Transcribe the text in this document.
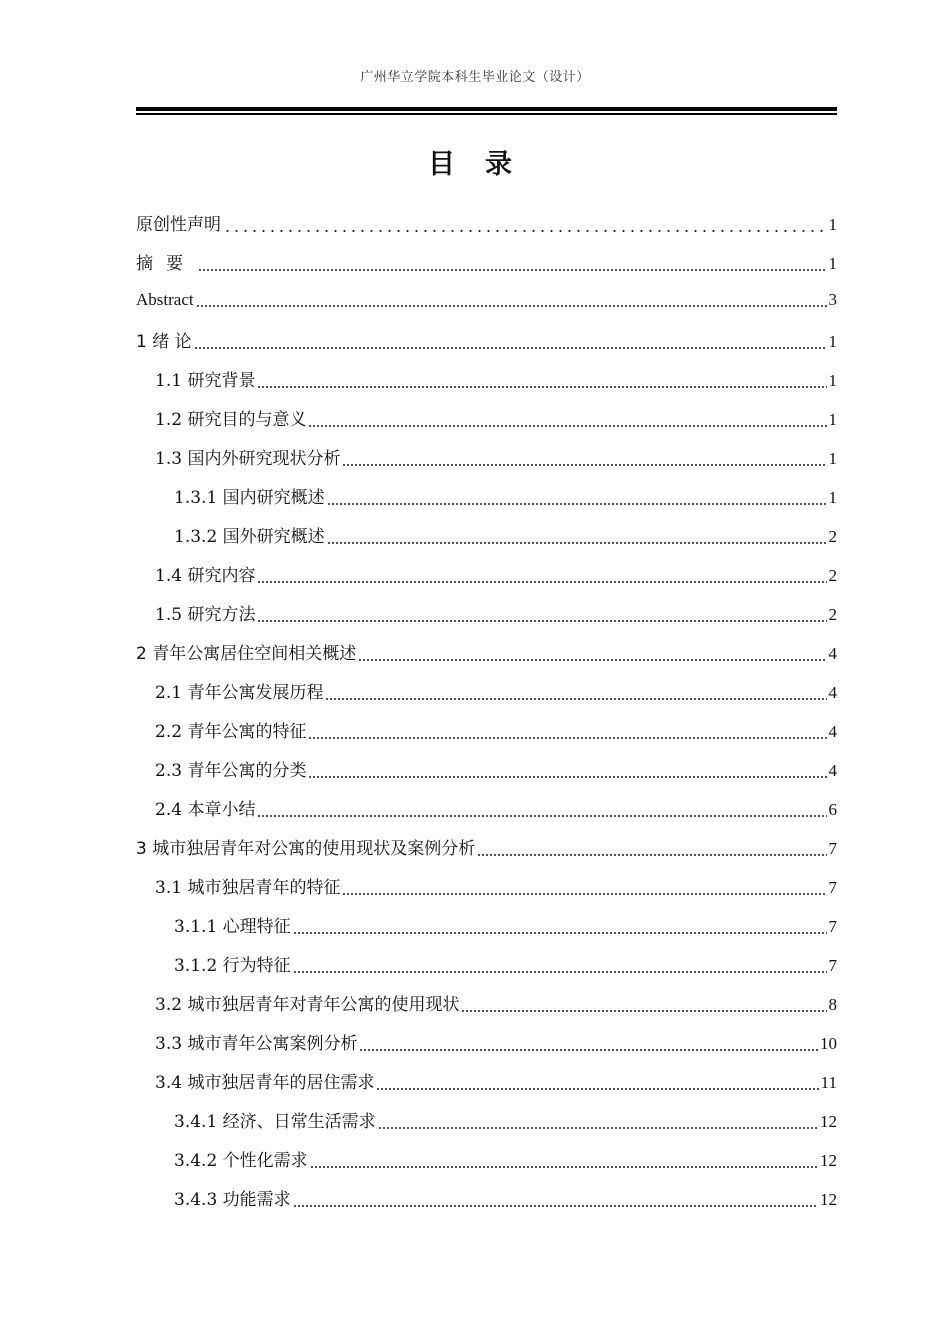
广州华立学院本科生毕业论文（设计）
目录
原创性声明	1
摘要	1
Abstract	3
1 绪 论	1
1.1 研究背景	1
1.2 研究目的与意义	1
1.3 国内外研究现状分析	1
1.3.1 国内研究概述	1
1.3.2 国外研究概述	2
1.4 研究内容	2
1.5 研究方法	2
2 青年公寓居住空间相关概述	4
2.1 青年公寓发展历程	4
2.2 青年公寓的特征	4
2.3 青年公寓的分类	4
2.4 本章小结	6
3 城市独居青年对公寓的使用现状及案例分析	7
3.1 城市独居青年的特征	7
3.1.1 心理特征	7
3.1.2 行为特征	7
3.2 城市独居青年对青年公寓的使用现状	8
3.3 城市青年公寓案例分析	10
3.4 城市独居青年的居住需求	11
3.4.1 经济、日常生活需求	12
3.4.2 个性化需求	12
3.4.3 功能需求	12
